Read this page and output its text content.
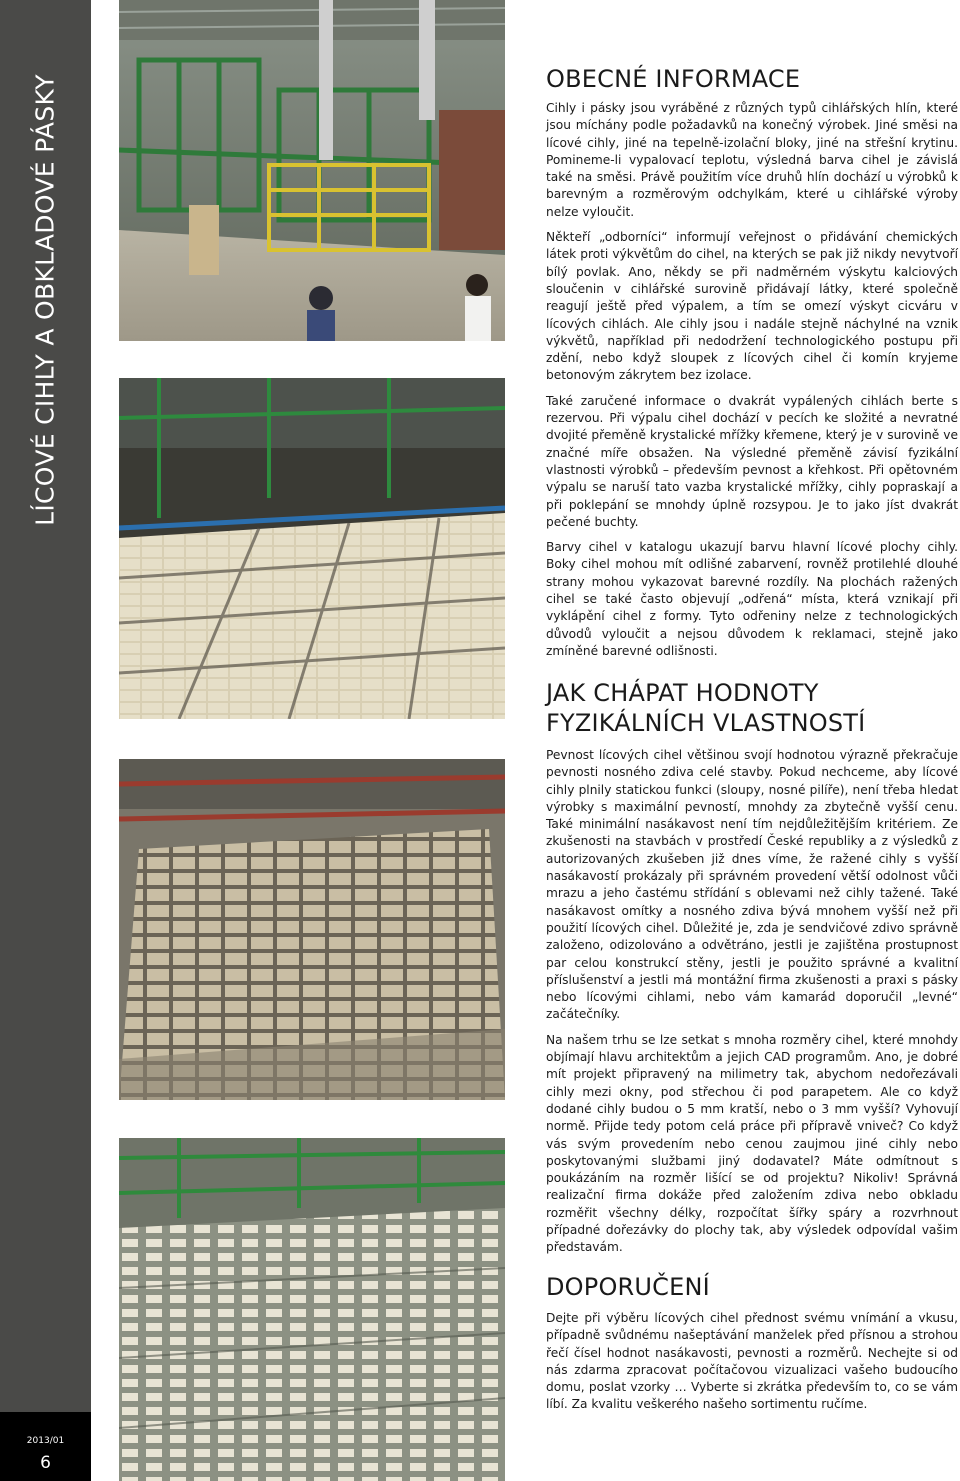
LÍCOVÉ CIHLY A OBKLADOVÉ PÁSKY
2013/01
6
OBECNÉ INFORMACE

Cihly i pásky jsou vyráběné z různých typů cihlářských hlín, které jsou míchány podle požadavků na konečný výrobek. Jiné směsi na lícové cihly, jiné na tepelně-izolační bloky, jiné na střešní krytinu. Pomineme-li vypalovací teplotu, výsledná barva cihel je závislá také na směsi. Právě použitím více druhů hlín dochází u výrobků k barevným a rozměrovým odchylkám, které u cihlářské výroby nelze vyloučit.

Někteří „odborníci“ informují veřejnost o přidávání chemických látek proti výkvětům do cihel, na kterých se pak již nikdy nevytvoří bílý povlak. Ano, někdy se při nadměrném výskytu kalciových sloučenin v cihlářské surovině přidávají látky, které společně reagují ještě před výpalem, a tím se omezí výskyt cicváru v lícových cihlách. Ale cihly jsou i nadále stejně náchylné na vznik výkvětů, například při nedodržení technologického postupu při zdění, nebo když sloupek z lícových cihel či komín kryjeme betonovým zákrytem bez izolace.

Také zaručené informace o dvakrát vypálených cihlách berte s rezervou. Při výpalu cihel dochází v pecích ke složité a nevratné dvojité přeměně krystalické mřížky křemene, který je v surovině ve značné míře obsažen. Na výsledné přeměně závisí fyzikální vlastnosti výrobků – především pevnost a křehkost. Při opětovném výpalu se naruší tato vazba krystalické mřížky, cihly popraskají a při poklepání se mnohdy úplně rozsypou. Je to jako jíst dvakrát pečené buchty.

Barvy cihel v katalogu ukazují barvu hlavní lícové plochy cihly. Boky cihel mohou mít odlišné zabarvení, rovněž protilehlé dlouhé strany mohou vykazovat barevné rozdíly. Na plochách ražených cihel se také často objevují „odřená“ místa, která vznikají při vyklápění cihel z formy. Tyto odřeniny nelze z technologických důvodů vyloučit a nejsou důvodem k reklamaci, stejně jako zmíněné barevné odlišnosti.

JAK CHÁPAT HODNOTY FYZIKÁLNÍCH VLASTNOSTÍ

Pevnost lícových cihel většinou svojí hodnotou výrazně překračuje pevnosti nosného zdiva celé stavby. Pokud nechceme, aby lícové cihly plnily statickou funkci (sloupy, nosné pilíře), není třeba hledat výrobky s maximální pevností, mnohdy za zbytečně vyšší cenu. Také minimální nasákavost není tím nejdůležitějším kritériem. Ze zkušenosti na stavbách v prostředí České republiky a z výsledků z autorizovaných zkušeben již dnes víme, že ražené cihly s vyšší nasákavostí prokázaly při správném provedení větší odolnost vůči mrazu a jeho častému střídání s oblevami než cihly tažené. Také nasákavost omítky a nosného zdiva bývá mnohem vyšší než při použití lícových cihel. Důležité je, zda je sendvičové zdivo správně založeno, odizolováno a odvětráno, jestli je zajištěna prostupnost par celou konstrukcí stěny, jestli je použito správné a kvalitní příslušenství a jestli má montážní firma zkušenosti a praxi s pásky nebo lícovými cihlami, nebo vám kamarád doporučil „levné“ začátečníky.

Na našem trhu se lze setkat s mnoha rozměry cihel, které mnohdy objímají hlavu architektům a jejich CAD programům. Ano, je dobré mít projekt připravený na milimetry tak, abychom nedořezávali cihly mezi okny, pod střechou či pod parapetem. Ale co když dodané cihly budou o 5 mm kratší, nebo o 3 mm vyšší? Vyhovují normě. Přijde tedy potom celá práce při přípravě vniveč? Co když vás svým provedením nebo cenou zaujmou jiné cihly nebo poskytovanými službami jiný dodavatel? Máte odmítnout s poukázáním na rozměr lišící se od projektu? Nikoliv! Správná realizační firma dokáže před založením zdiva nebo obkladu rozměřit všechny délky, rozpočítat šířky spáry a rozvrhnout případné dořezávky do plochy tak, aby výsledek odpovídal vašim představám.

DOPORUČENÍ

Dejte při výběru lícových cihel přednost svému vnímání a vkusu, případně svůdnému našeptávání manželek před přísnou a strohou řečí čísel hodnot nasákavosti, pevnosti a rozměrů. Nechejte si od nás zdarma zpracovat počítačovou vizualizaci vašeho budoucího domu, poslat vzorky … Vyberte si zkrátka především to, co se vám líbí. Za kvalitu veškerého našeho sortimentu ručíme.
